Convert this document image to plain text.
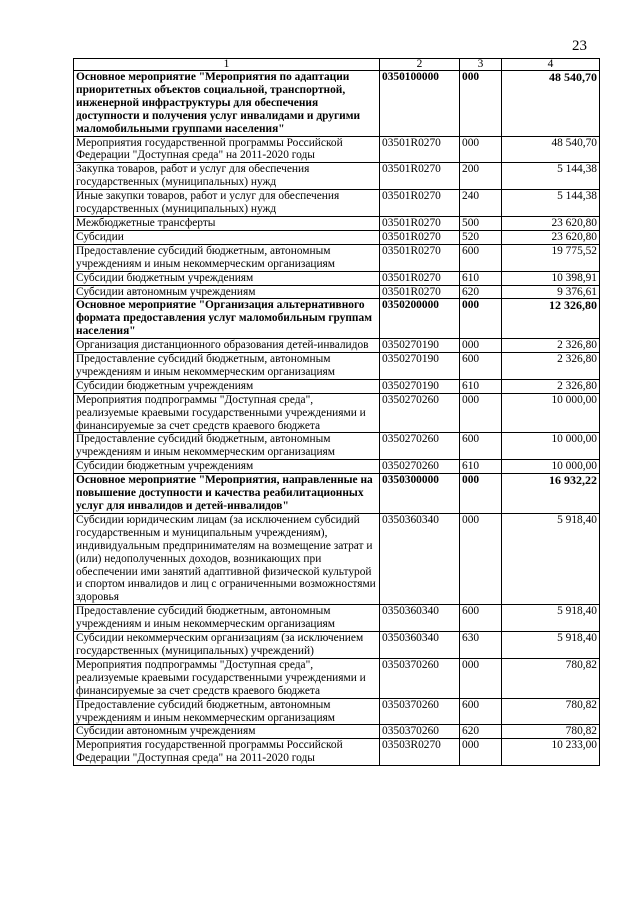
23
1	2	3	4
Основное мероприятие "Мероприятия по адаптации приоритетных объектов социальной, транспортной, инженерной инфраструктуры для обеспечения доступности и получения услуг инвалидами и другими маломобильными группами населения"	0350100000	000	48 540,70
Мероприятия государственной программы Российской Федерации "Доступная среда" на 2011-2020 годы	03501R0270	000	48 540,70
Закупка товаров, работ и услуг для обеспечения государственных (муниципальных) нужд	03501R0270	200	5 144,38
Иные закупки товаров, работ и услуг для обеспечения государственных (муниципальных) нужд	03501R0270	240	5 144,38
Межбюджетные трансферты	03501R0270	500	23 620,80
Субсидии	03501R0270	520	23 620,80
Предоставление субсидий бюджетным, автономным учреждениям и иным некоммерческим организациям	03501R0270	600	19 775,52
Субсидии бюджетным учреждениям	03501R0270	610	10 398,91
Субсидии автономным учреждениям	03501R0270	620	9 376,61
Основное мероприятие "Организация альтернативного формата предоставления услуг маломобильным группам населения"	0350200000	000	12 326,80
Организация дистанционного образования детей-инвалидов	0350270190	000	2 326,80
Предоставление субсидий бюджетным, автономным учреждениям и иным некоммерческим организациям	0350270190	600	2 326,80
Субсидии бюджетным учреждениям	0350270190	610	2 326,80
Мероприятия подпрограммы "Доступная среда", реализуемые краевыми государственными учреждениями и финансируемые за счет средств краевого бюджета	0350270260	000	10 000,00
Предоставление субсидий бюджетным, автономным учреждениям и иным некоммерческим организациям	0350270260	600	10 000,00
Субсидии бюджетным учреждениям	0350270260	610	10 000,00
Основное мероприятие "Мероприятия, направленные на повышение доступности и качества реабилитационных услуг для инвалидов и детей-инвалидов"	0350300000	000	16 932,22
Субсидии юридическим лицам (за исключением субсидий государственным и муниципальным учреждениям), индивидуальным предпринимателям на возмещение затрат и (или) недополученных доходов, возникающих при обеспечении ими занятий адаптивной физической культурой и спортом инвалидов и лиц с ограниченными возможностями здоровья	0350360340	000	5 918,40
Предоставление субсидий бюджетным, автономным учреждениям и иным некоммерческим организациям	0350360340	600	5 918,40
Субсидии некоммерческим организациям (за исключением государственных (муниципальных) учреждений)	0350360340	630	5 918,40
Мероприятия подпрограммы "Доступная среда", реализуемые краевыми государственными учреждениями и финансируемые за счет средств краевого бюджета	0350370260	000	780,82
Предоставление субсидий бюджетным, автономным учреждениям и иным некоммерческим организациям	0350370260	600	780,82
Субсидии автономным учреждениям	0350370260	620	780,82
Мероприятия государственной программы Российской Федерации "Доступная среда" на 2011-2020 годы	03503R0270	000	10 233,00
